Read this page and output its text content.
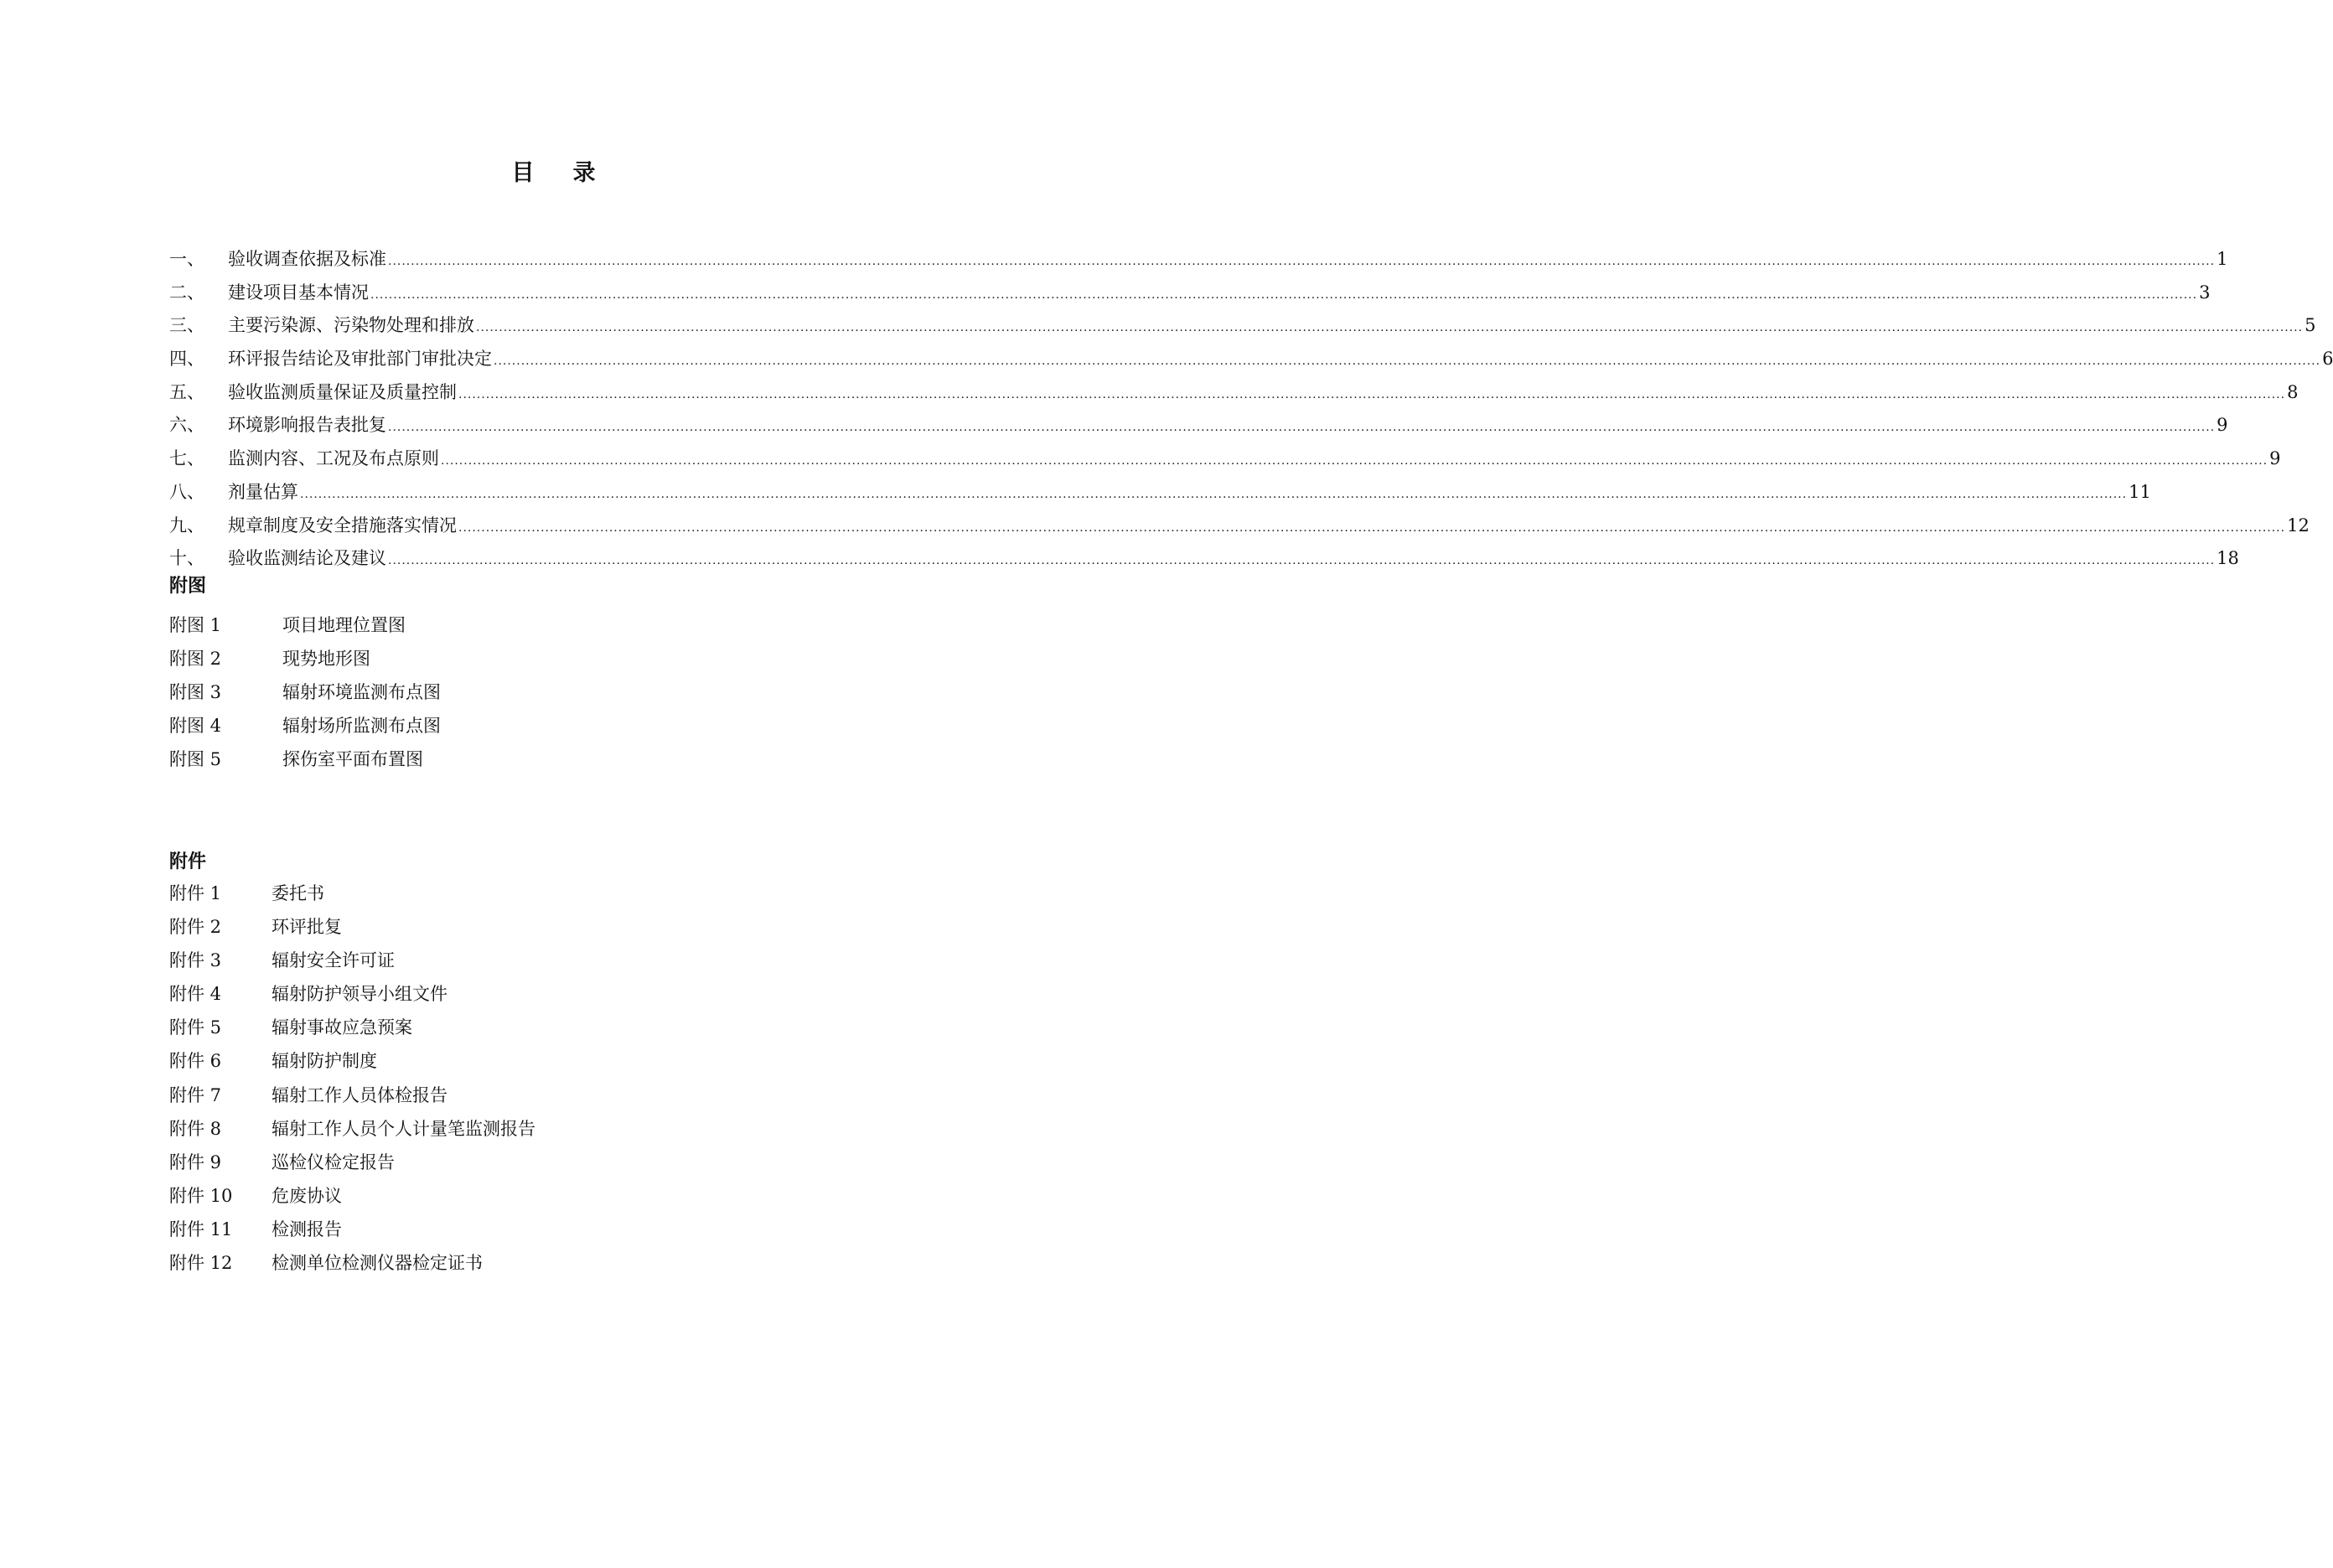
目 录
一、	验收调查依据及标准 ................................................................................................................................................................................................................................................................................................................................................................................................................ 1
二、	建设项目基本情况 ................................................................................................................................................................................................................................................................................................................................................................................................................ 3
三、	主要污染源、污染物处理和排放 ................................................................................................................................................................................................................................................................................................................................................................................................................ 5
四、	环评报告结论及审批部门审批决定 ................................................................................................................................................................................................................................................................................................................................................................................................................ 6
五、	验收监测质量保证及质量控制 ................................................................................................................................................................................................................................................................................................................................................................................................................ 8
六、	环境影响报告表批复 ................................................................................................................................................................................................................................................................................................................................................................................................................ 9
七、	监测内容、工况及布点原则 ................................................................................................................................................................................................................................................................................................................................................................................................................ 9
八、	剂量估算 ................................................................................................................................................................................................................................................................................................................................................................................................................ 11
九、	规章制度及安全措施落实情况 ................................................................................................................................................................................................................................................................................................................................................................................................................ 12
十、	验收监测结论及建议 ................................................................................................................................................................................................................................................................................................................................................................................................................ 18
附图
附图 1	项目地理位置图
附图 2	现势地形图
附图 3	辐射环境监测布点图
附图 4	辐射场所监测布点图
附图 5	探伤室平面布置图
附件
附件 1	委托书
附件 2	环评批复
附件 3	辐射安全许可证
附件 4	辐射防护领导小组文件
附件 5	辐射事故应急预案
附件 6	辐射防护制度
附件 7	辐射工作人员体检报告
附件 8	辐射工作人员个人计量笔监测报告
附件 9	巡检仪检定报告
附件 10	危废协议
附件 11	检测报告
附件 12	检测单位检测仪器检定证书
